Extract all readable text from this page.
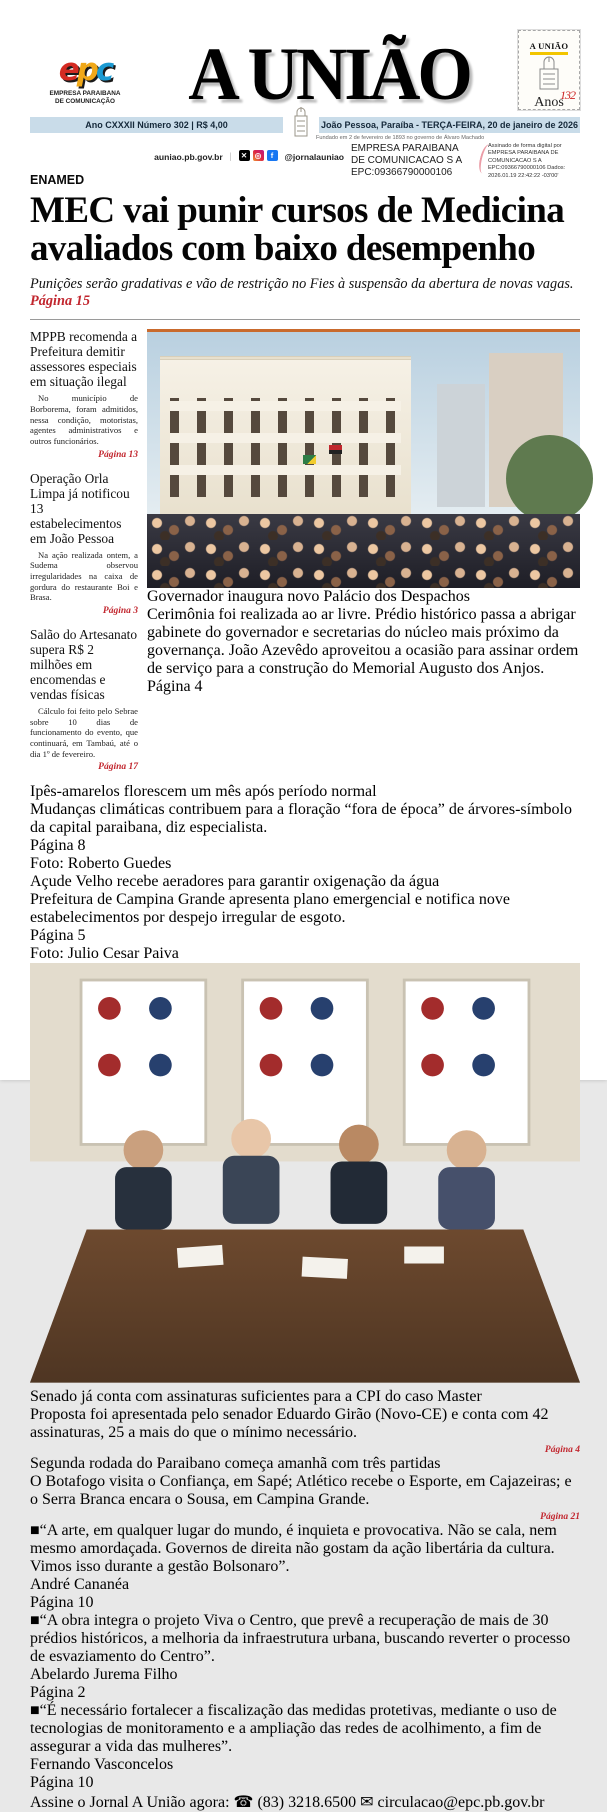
epc
EMPRESA PARAIBANA
DE COMUNICAÇÃO	A UNIÃO	A UNIÃO
132
Anos
Ano CXXXII Número 302 | R$ 4,00	João Pessoa, Paraíba - TERÇA-FEIRA, 20 de janeiro de 2026
Fundado em 2 de fevereiro de 1893 no governo de Álvaro Machado
auniao.pb.gov.br |	✕	◎	f	@jornalauniao
EMPRESA PARAIBANA DE COMUNICACAO S A EPC:09366790000106
Assinado de forma digital por EMPRESA PARAIBANA DE COMUNICACAO S A EPC:09366790000106 Dados: 2026.01.19 22:42:22 -03'00'
ENAMED
MEC vai punir cursos de Medicina avaliados com baixo desempenho
Punições serão gradativas e vão de restrição no Fies à suspensão da abertura de novas vagas. Página 15
MPPB recomenda a Prefeitura demitir assessores especiais em situação ilegal
No município de Borborema, foram admitidos, nessa condição, motoristas, agentes administrativos e outros funcionários.
Página 13
Operação Orla Limpa já notificou 13 estabelecimentos em João Pessoa
Na ação realizada ontem, a Sudema observou irregularidades na caixa de gordura do restaurante Boi e Brasa.
Página 3
Salão do Artesanato supera R$ 2 milhões em encomendas e vendas físicas
Cálculo foi feito pelo Sebrae sobre 10 dias de funcionamento do evento, que continuará, em Tambaú, até o dia 1º de fevereiro.
Página 17
Governador inaugura novo Palácio dos Despachos
Cerimônia foi realizada ao ar livre. Prédio histórico passa a abrigar gabinete do governador e secretarias do núcleo mais próximo da governança. João Azevêdo aproveitou a ocasião para assinar ordem de serviço para a construção do Memorial Augusto dos Anjos.
Página 4
Ipês-amarelos florescem um mês após período normal
Mudanças climáticas contribuem para a floração “fora de época” de árvores-símbolo da capital paraibana, diz especialista.
Página 8
Foto: Roberto Guedes
Açude Velho recebe aeradores para garantir oxigenação da água
Prefeitura de Campina Grande apresenta plano emergencial e notifica nove estabelecimentos por despejo irregular de esgoto.
Página 5
Foto: Julio Cesar Paiva
Senado já conta com assinaturas suficientes para a CPI do caso Master
Proposta foi apresentada pelo senador Eduardo Girão (Novo-CE) e conta com 42 assinaturas, 25 a mais do que o mínimo necessário.
Página 4
Segunda rodada do Paraibano começa amanhã com três partidas
O Botafogo visita o Confiança, em Sapé; Atlético recebe o Esporte, em Cajazeiras; e o Serra Branca encara o Sousa, em Campina Grande.
Página 21
■“A arte, em qualquer lugar do mundo, é inquieta e provocativa. Não se cala, nem mesmo amordaçada. Governos de direita não gostam da ação libertária da cultura. Vimos isso durante a gestão Bolsonaro”.
André Cananéa
Página 10
■“A obra integra o projeto Viva o Centro, que prevê a recuperação de mais de 30 prédios históricos, a melhoria da infraestrutura urbana, buscando reverter o processo de esvaziamento do Centro”.
Abelardo Jurema Filho
Página 2
■“É necessário fortalecer a fiscalização das medidas protetivas, mediante o uso de tecnologias de monitoramento e a ampliação das redes de acolhimento, a fim de assegurar a vida das mulheres”.
Fernando Vasconcelos
Página 10
Assine o Jornal A União agora: ☎ (83) 3218.6500 ✉ circulacao@epc.pb.gov.br
